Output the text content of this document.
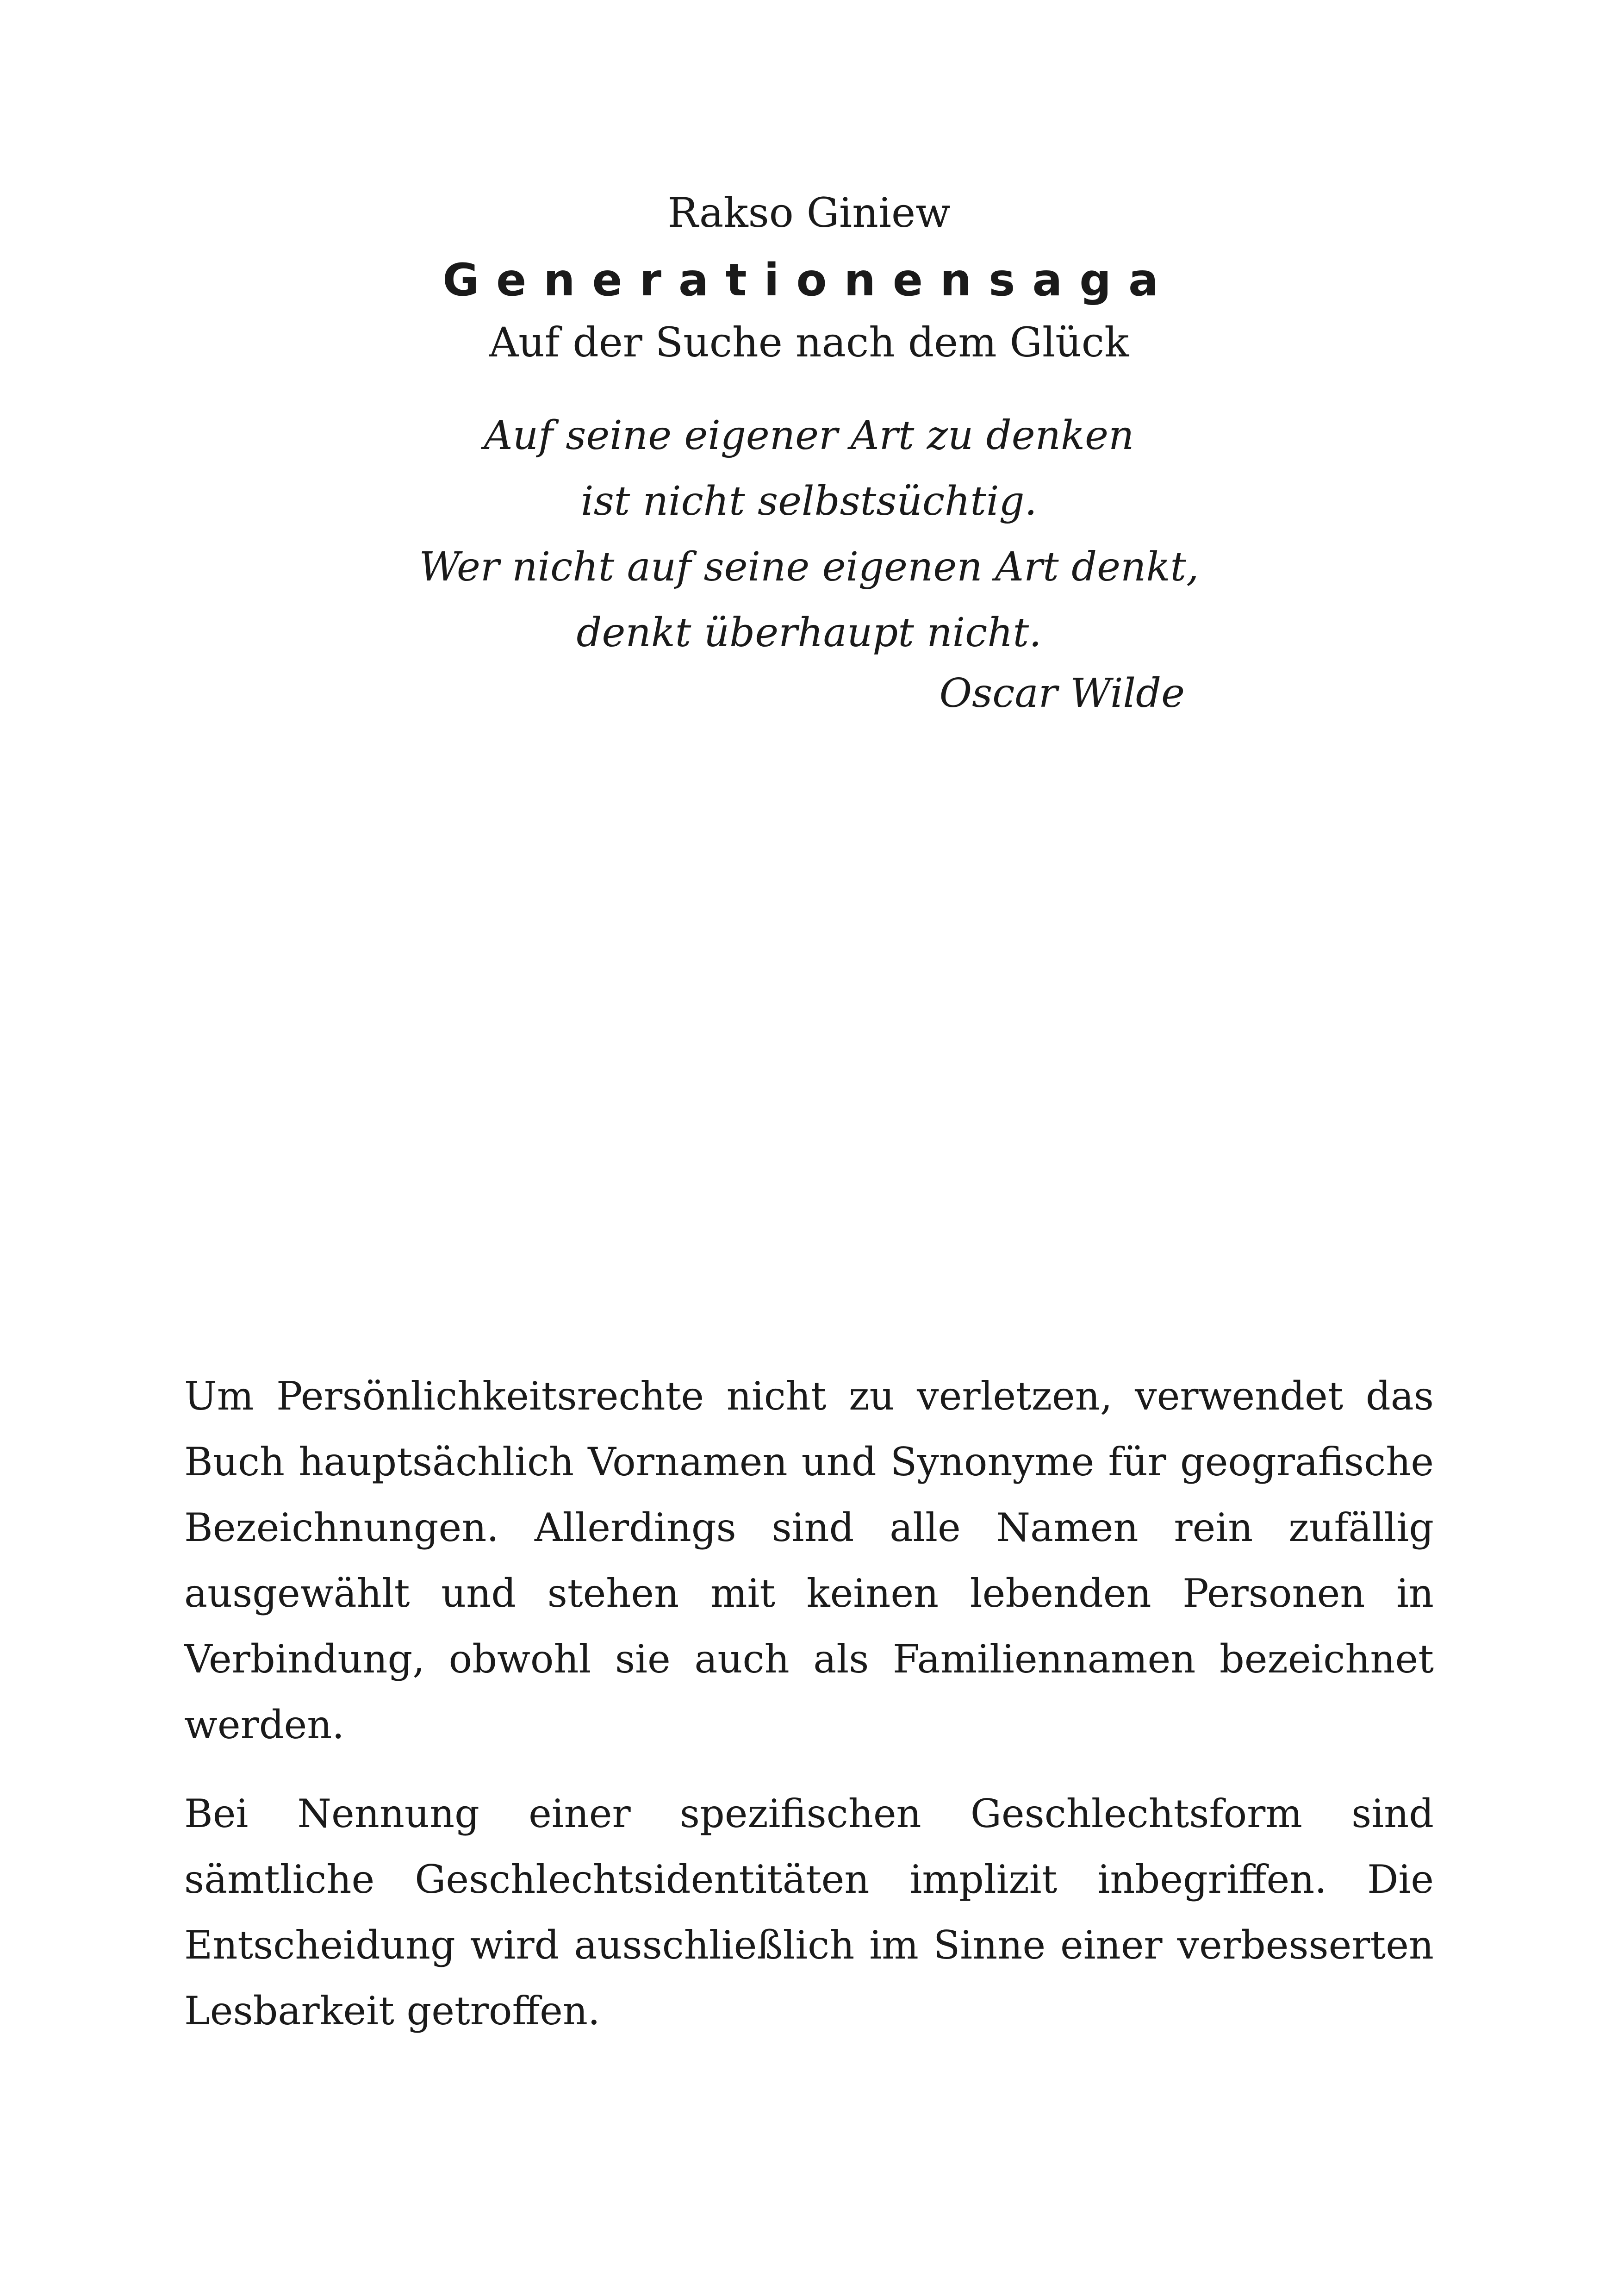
Rakso Giniew
Generationensaga
Auf der Suche nach dem Glück
Auf seine eigener Art zu denken
ist nicht selbstsüchtig.
Wer nicht auf seine eigenen Art denkt,
denkt überhaupt nicht.
Oscar Wilde

Um Persönlichkeitsrechte nicht zu verletzen, verwendet das Buch hauptsächlich Vornamen und Synonyme für geografische Bezeichnungen. Allerdings sind alle Namen rein zufällig ausgewählt und stehen mit keinen lebenden Personen in Verbindung, obwohl sie auch als Familiennamen bezeichnet werden.

Bei Nennung einer spezifischen Geschlechtsform sind sämtliche Geschlechtsidentitäten implizit inbegriffen. Die Entscheidung wird ausschließlich im Sinne einer verbesserten Lesbarkeit getroffen.
